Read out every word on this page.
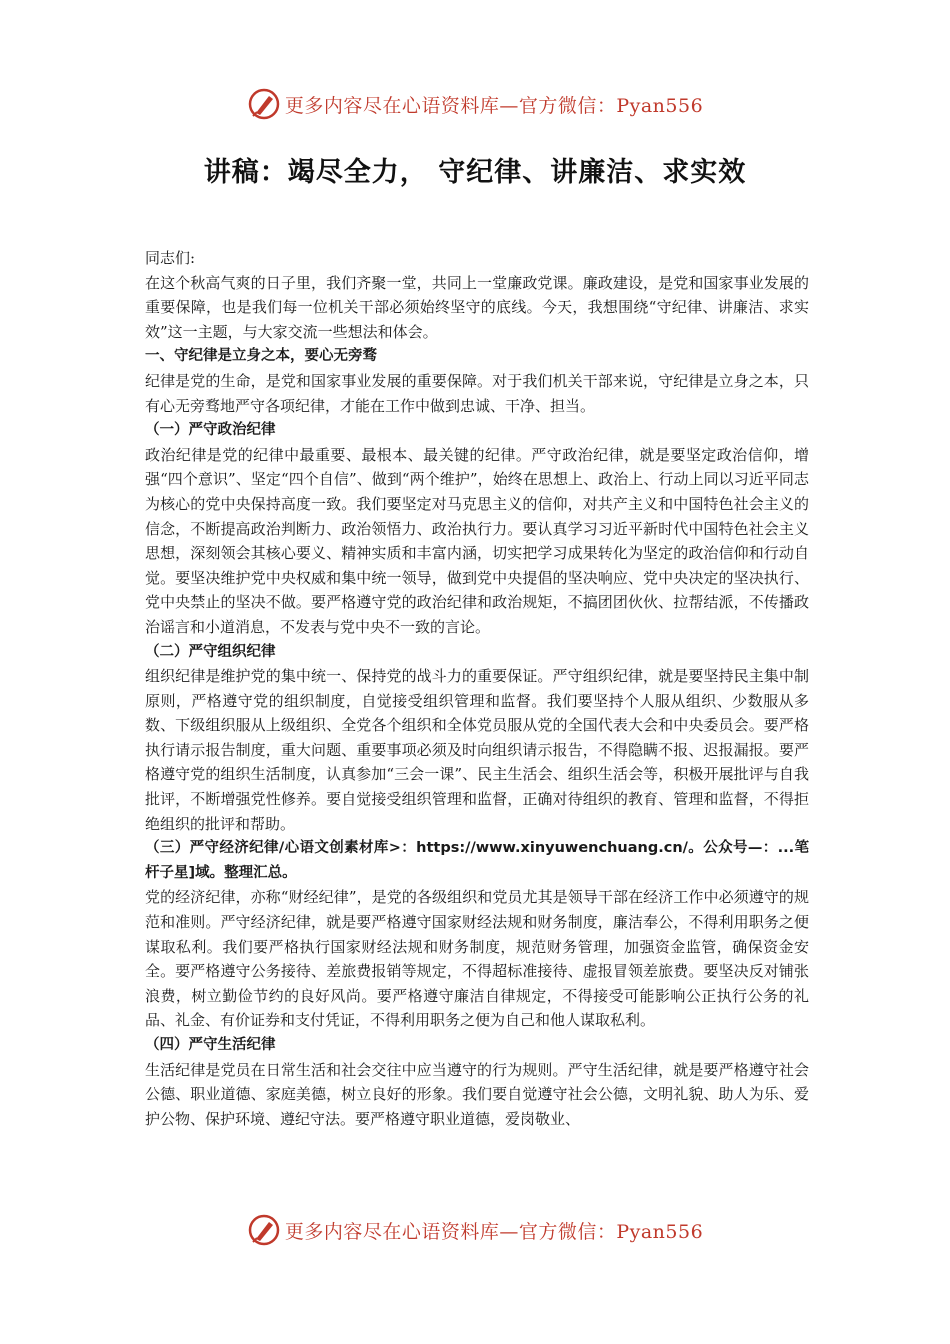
更多内容尽在心语资料库—官方微信：Pyan556
讲稿：竭尽全力， 守纪律、讲廉洁、求实效

同志们:

在这个秋高气爽的日子里，我们齐聚一堂，共同上一堂廉政党课。廉政建设，是党和国家事业发展的重要保障，也是我们每一位机关干部必须始终坚守的底线。今天，我想围绕“守纪律、讲廉洁、求实效”这一主题，与大家交流一些想法和体会。

一、守纪律是立身之本，要心无旁骛

纪律是党的生命，是党和国家事业发展的重要保障。对于我们机关干部来说，守纪律是立身之本，只有心无旁骛地严守各项纪律，才能在工作中做到忠诚、干净、担当。

（一）严守政治纪律

政治纪律是党的纪律中最重要、最根本、最关键的纪律。严守政治纪律，就是要坚定政治信仰，增强“四个意识”、坚定“四个自信”、做到“两个维护”，始终在思想上、政治上、行动上同以习近平同志为核心的党中央保持高度一致。我们要坚定对马克思主义的信仰，对共产主义和中国特色社会主义的信念，不断提高政治判断力、政治领悟力、政治执行力。要认真学习习近平新时代中国特色社会主义思想，深刻领会其核心要义、精神实质和丰富内涵，切实把学习成果转化为坚定的政治信仰和行动自觉。要坚决维护党中央权威和集中统一领导，做到党中央提倡的坚决响应、党中央决定的坚决执行、党中央禁止的坚决不做。要严格遵守党的政治纪律和政治规矩，不搞团团伙伙、拉帮结派，不传播政治谣言和小道消息，不发表与党中央不一致的言论。

（二）严守组织纪律

组织纪律是维护党的集中统一、保持党的战斗力的重要保证。严守组织纪律，就是要坚持民主集中制原则，严格遵守党的组织制度，自觉接受组织管理和监督。我们要坚持个人服从组织、少数服从多数、下级组织服从上级组织、全党各个组织和全体党员服从党的全国代表大会和中央委员会。要严格执行请示报告制度，重大问题、重要事项必须及时向组织请示报告，不得隐瞒不报、迟报漏报。要严格遵守党的组织生活制度，认真参加“三会一课”、民主生活会、组织生活会等，积极开展批评与自我批评，不断增强党性修养。要自觉接受组织管理和监督，正确对待组织的教育、管理和监督，不得拒绝组织的批评和帮助。

（三）严守经济纪律/心语文创素材库>：https://www.xinyuwenchuang.cn/。公众号—：...笔杆子星]域。整理汇总。

党的经济纪律，亦称“财经纪律”，是党的各级组织和党员尤其是领导干部在经济工作中必须遵守的规范和准则。严守经济纪律，就是要严格遵守国家财经法规和财务制度，廉洁奉公，不得利用职务之便谋取私利。我们要严格执行国家财经法规和财务制度，规范财务管理，加强资金监管，确保资金安全。要严格遵守公务接待、差旅费报销等规定，不得超标准接待、虚报冒领差旅费。要坚决反对铺张浪费，树立勤俭节约的良好风尚。要严格遵守廉洁自律规定，不得接受可能影响公正执行公务的礼品、礼金、有价证券和支付凭证，不得利用职务之便为自己和他人谋取私利。

（四）严守生活纪律

生活纪律是党员在日常生活和社会交往中应当遵守的行为规则。严守生活纪律，就是要严格遵守社会公德、职业道德、家庭美德，树立良好的形象。我们要自觉遵守社会公德，文明礼貌、助人为乐、爱护公物、保护环境、遵纪守法。要严格遵守职业道德，爱岗敬业、

更多内容尽在心语资料库—官方微信：Pyan556
